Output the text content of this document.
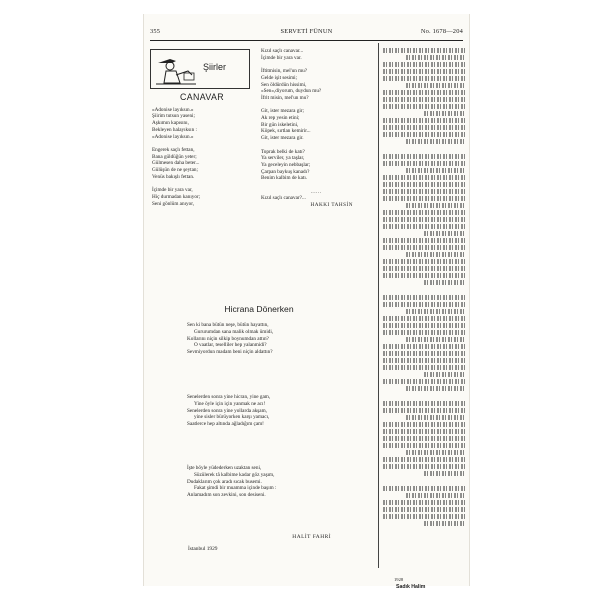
355	SERVETİ FÜNUN	No. 1678—204
Şiirler
CANAVAR
«Adonise layıksın.»
Şiirim tutsun yaseni;
Aşkımın kapısını,
Bekleyen halayıksın :
«Adonise layıksın.»
Engerek saçlı fettan,
Bana güldüğün yeter;
Gülmesen daha beter...
Gülüşün de ne şeytan;
Venüs bakışlı fettan.
İçimde bir yara var,
Hiç durmadan kanıyor;
Seni gönlüm anıyor,
Kızıl saçlı canavar...
İçimde bir yara var.
İftitmisin, mel'un mu?
Gelde işit sesimi;
Sen öldürdün hissimi,
«Sen»,diyorum, duydun mu?
İfrit misin, mel'un mu?
Git, ister mezara gir;
Ak rep yesin etini;
Bir gün iskeletini,
Köpek, sırtlan kemirir...
Git, ister mezara gir.
Toprak belki de katı?
Ya serviler, ya taşlar,
Ya geceleyin nebbaşlar;
Çarpan baykuş kanadı?
Benim kalbim de katı.
......
Kızıl saçlı canavar?...
HAKKI TAHSİN
Hicrana Dönerken
Sen ki bana bütün neşe, bütün hayattın,
Gururumdan sana malik olmak ümidi,
Kollarını niçin silkip boynumdan attın?
O vaatlar, teselliler hep yalanmidi?
Sevmiyordun madam beni niçin aldattın?
Senelerden sonra yine hicran, yine gam,
Yine öyle için için yanmak ne acı!
Senelerden sonra yine yollarda akşam,
yine sisler bürüyorken karşı yamacı,
Saatlerce hep altında ağladığım çam!
İşte böyle yüdederken uzaktan seni,
Süzülerek tâ kalbime kadar göz yaşım,
Dudaklarım çok aradı sıcak busemi.
Fakat şimdi bir muamma içinde başım :
Anlamadım son zevkini, son desiseni.
HALİT FAHRİ
İstanbul 1929
1928
Sadık Halim
